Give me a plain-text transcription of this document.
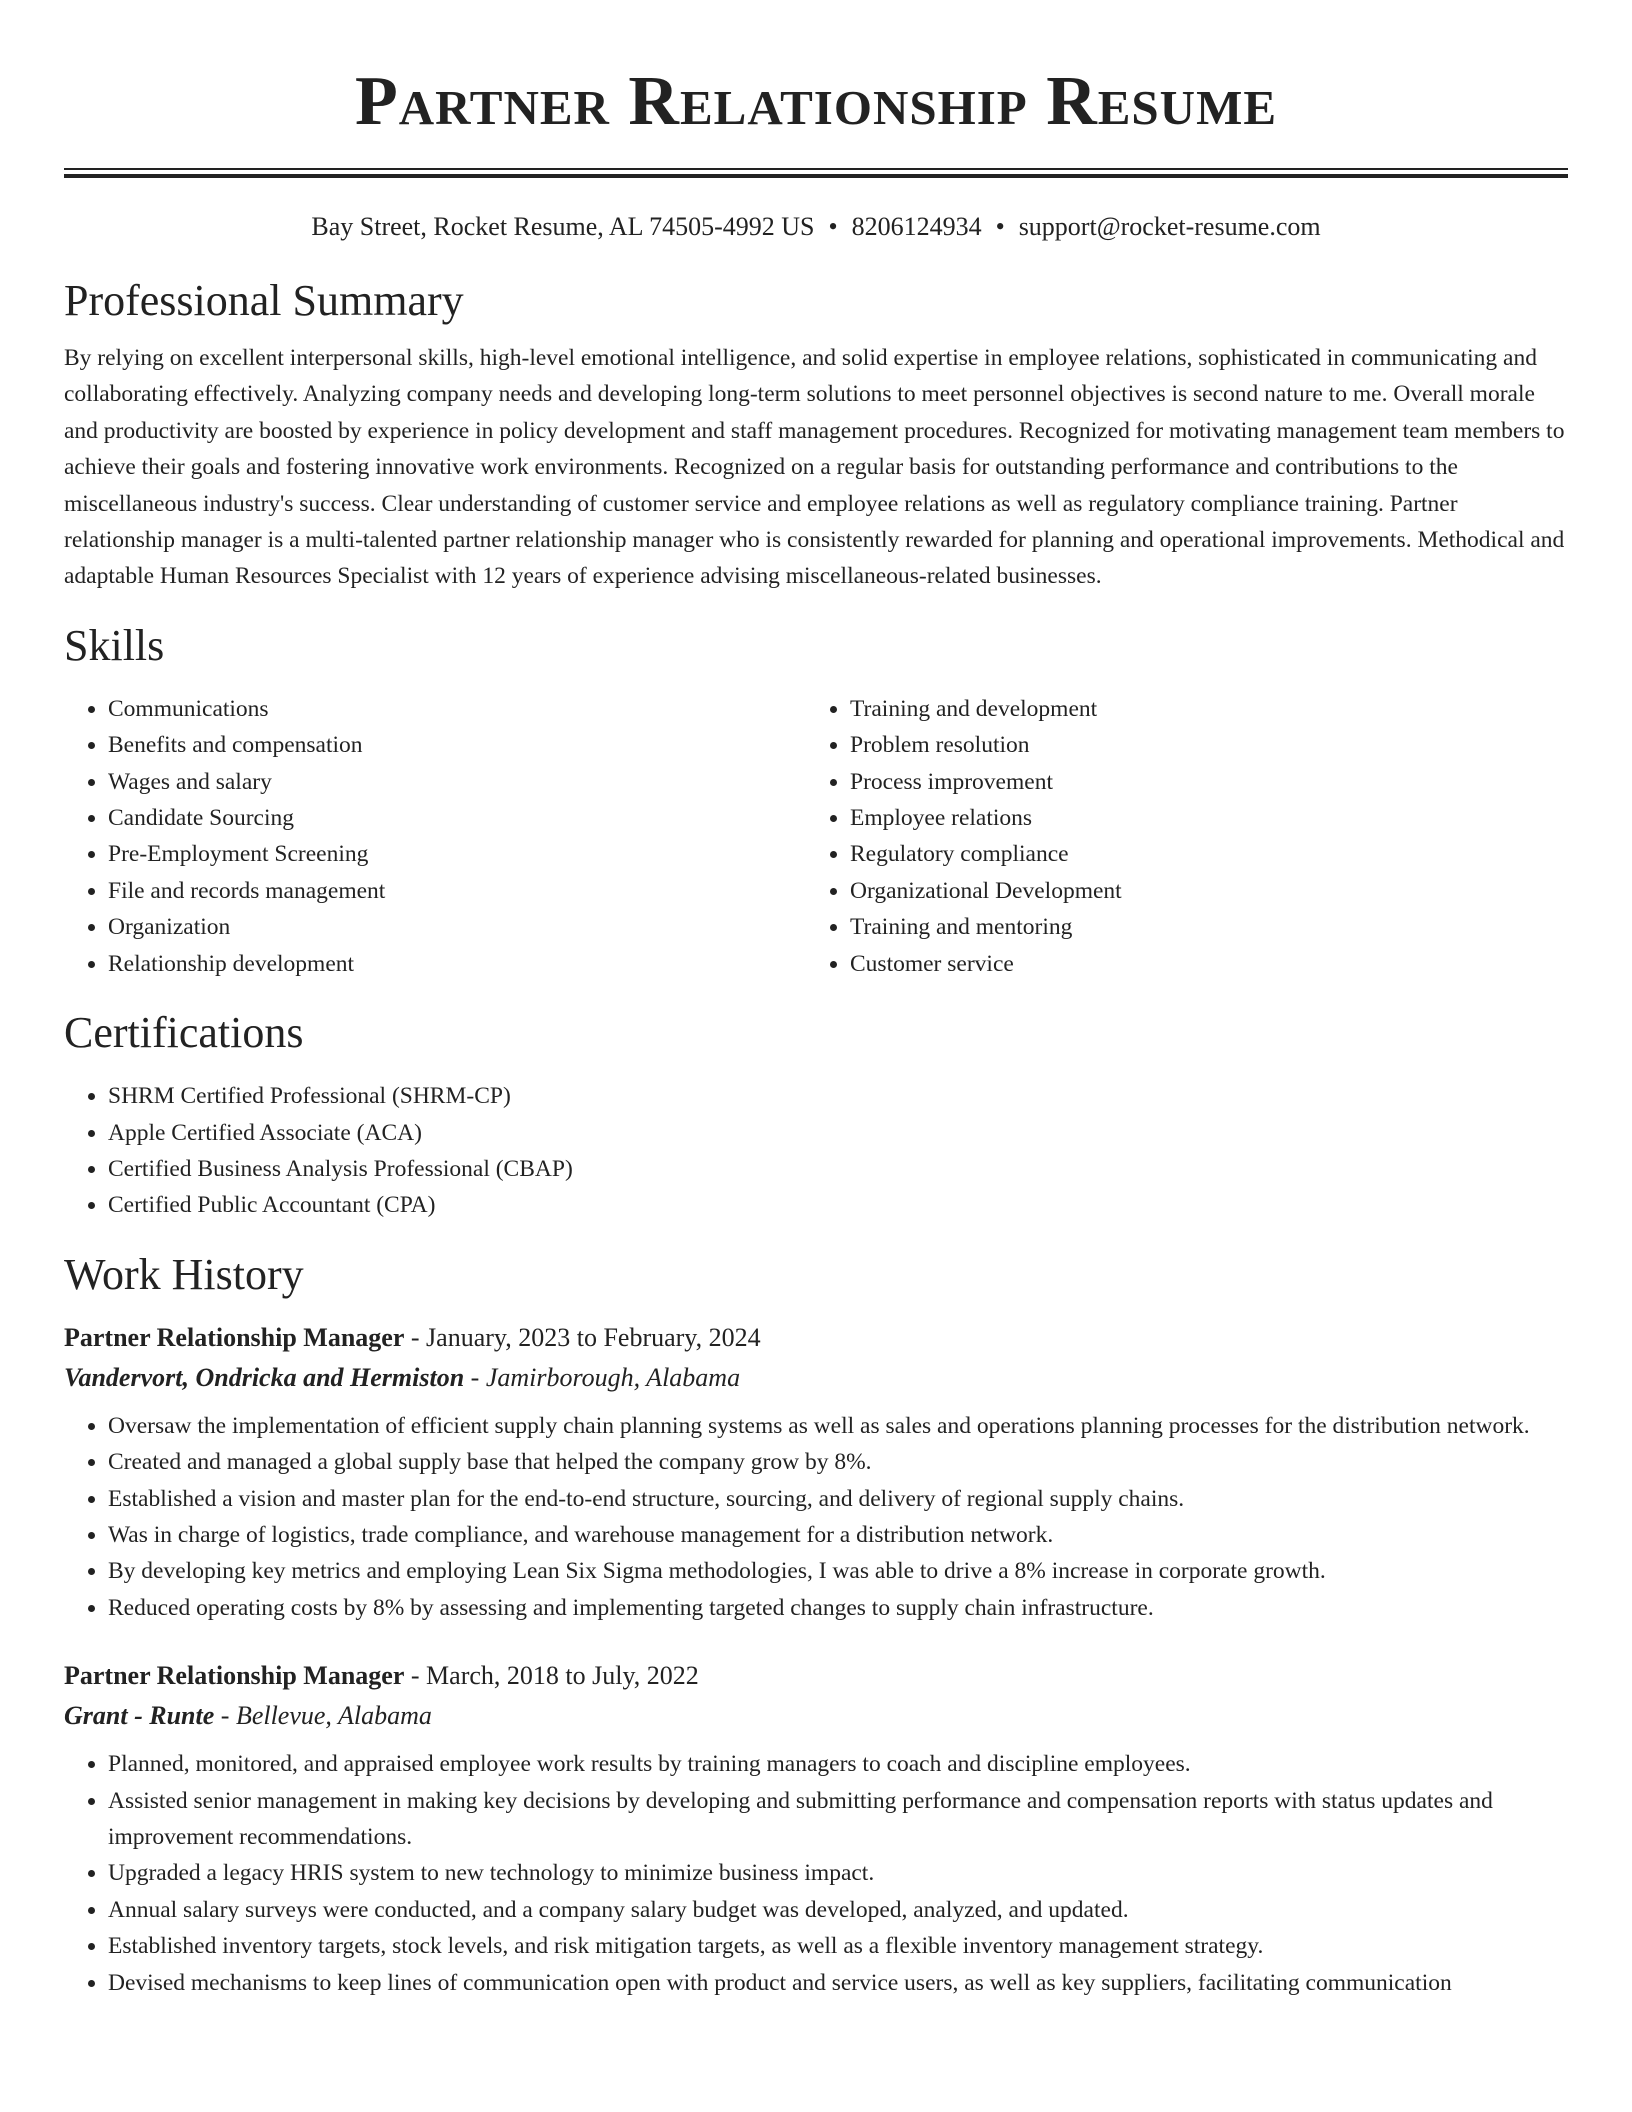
Partner Relationship Resume
Bay Street, Rocket Resume, AL 74505-4992 US • 8206124934 • support@rocket-resume.com
Professional Summary

By relying on excellent interpersonal skills, high-level emotional intelligence, and solid expertise in employee relations, sophisticated in communicating and collaborating effectively. Analyzing company needs and developing long-term solutions to meet personnel objectives is second nature to me. Overall morale and productivity are boosted by experience in policy development and staff management procedures. Recognized for motivating management team members to achieve their goals and fostering innovative work environments. Recognized on a regular basis for outstanding performance and contributions to the miscellaneous industry's success. Clear understanding of customer service and employee relations as well as regulatory compliance training. Partner relationship manager is a multi-talented partner relationship manager who is consistently rewarded for planning and operational improvements. Methodical and adaptable Human Resources Specialist with 12 years of experience advising miscellaneous-related businesses.

Skills
• Communications
• Benefits and compensation
• Wages and salary
• Candidate Sourcing
• Pre-Employment Screening
• File and records management
• Organization
• Relationship development
• Training and development
• Problem resolution
• Process improvement
• Employee relations
• Regulatory compliance
• Organizational Development
• Training and mentoring
• Customer service
Certifications
• SHRM Certified Professional (SHRM-CP)
• Apple Certified Associate (ACA)
• Certified Business Analysis Professional (CBAP)
• Certified Public Accountant (CPA)
Work History
Partner Relationship Manager - January, 2023 to February, 2024
Vandervort, Ondricka and Hermiston - Jamirborough, Alabama
• Oversaw the implementation of efficient supply chain planning systems as well as sales and operations planning processes for the distribution network.
• Created and managed a global supply base that helped the company grow by 8%.
• Established a vision and master plan for the end-to-end structure, sourcing, and delivery of regional supply chains.
• Was in charge of logistics, trade compliance, and warehouse management for a distribution network.
• By developing key metrics and employing Lean Six Sigma methodologies, I was able to drive a 8% increase in corporate growth.
• Reduced operating costs by 8% by assessing and implementing targeted changes to supply chain infrastructure.
Partner Relationship Manager - March, 2018 to July, 2022
Grant - Runte - Bellevue, Alabama
• Planned, monitored, and appraised employee work results by training managers to coach and discipline employees.
• Assisted senior management in making key decisions by developing and submitting performance and compensation reports with status updates and improvement recommendations.
• Upgraded a legacy HRIS system to new technology to minimize business impact.
• Annual salary surveys were conducted, and a company salary budget was developed, analyzed, and updated.
• Established inventory targets, stock levels, and risk mitigation targets, as well as a flexible inventory management strategy.
• Devised mechanisms to keep lines of communication open with product and service users, as well as key suppliers, facilitating communication
